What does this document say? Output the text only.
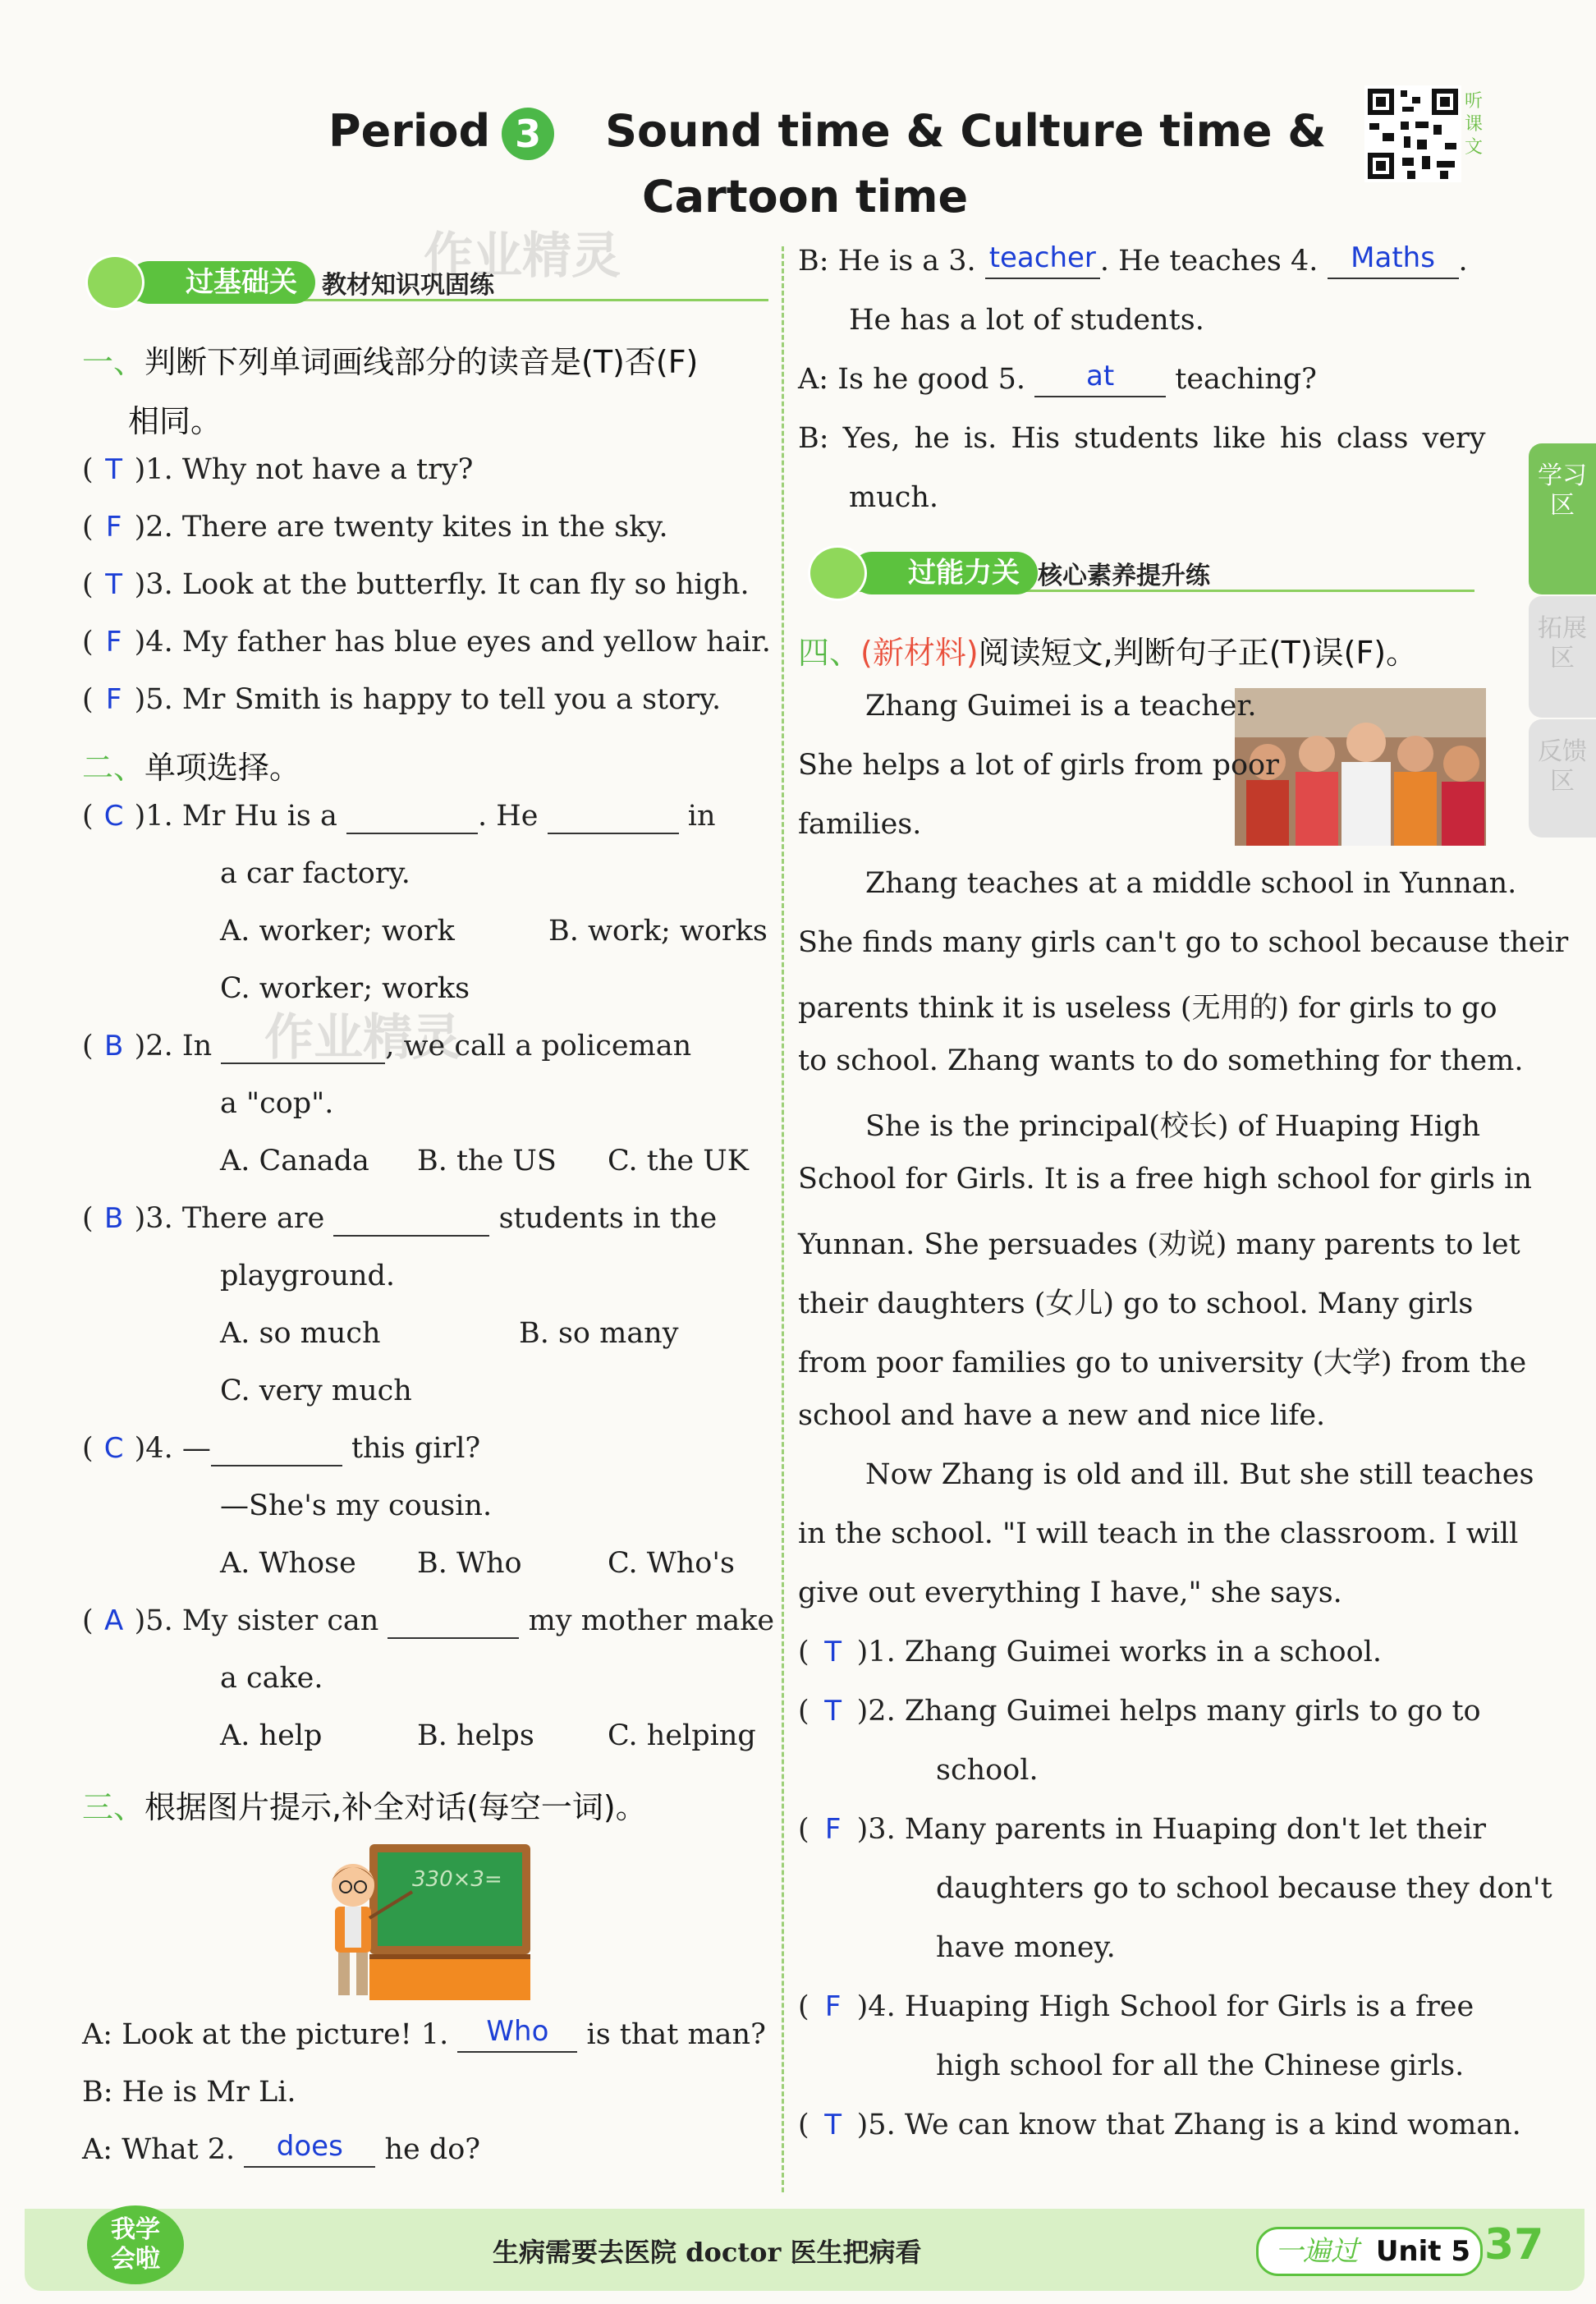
Period 3 Sound time & Culture time &
Cartoon time
听课文
作业精灵
作业精灵
过基础关	教材知识巩固练
一、判断下列单词画线部分的读音是(T)否(F)
相同。
( T )1. Why not have a try?
( F )2. There are twenty kites in the sky.
( T )3. Look at the butterfly. It can fly so high.
( F )4. My father has blue eyes and yellow hair.
( F )5. Mr Smith is happy to tell you a story.
二、单项选择。
( C )1. Mr Hu is a	. He	in
a car factory.
A. worker; work	B. work; works
C. worker; works
( B )2. In	, we call a policeman
a "cop".
A. Canada B. the US C. the UK
( B )3. There are	students in the
playground.
A. so much	B. so many
C. very much
( C )4. —	this girl?
—She's my cousin.
A. Whose B. Who	C. Who's
( A )5. My sister can	my mother make
a cake.
A. help	B. helps	C. helping
三、根据图片提示,补全对话(每空一词)。
330×3=
A: Look at the picture! 1. Who is that man?
B: He is Mr Li.
A: What 2. does he do?
B: He is a 3. teacher . He teaches 4. Maths .
He has a lot of students.
A: Is he good 5. at teaching?
B: Yes, he is. His students like his class very
much.
过能力关 核心素养提升练
四、(新材料)阅读短文,判断句子正(T)误(F)。
Zhang Guimei is a teacher.
She helps a lot of girls from poor
families.
Zhang teaches at a middle school in Yunnan.
She finds many girls can't go to school because their
parents think it is useless (无用的) for girls to go
to school. Zhang wants to do something for them.
She is the principal(校长) of Huaping High
School for Girls. It is a free high school for girls in
Yunnan. She persuades (劝说) many parents to let
their daughters (女儿) go to school. Many girls
from poor families go to university (大学) from the
school and have a new and nice life.
Now Zhang is old and ill. But she still teaches
in the school. "I will teach in the classroom. I will
give out everything I have," she says.
( T )1. Zhang Guimei works in a school.
( T )2. Zhang Guimei helps many girls to go to
school.
( F )3. Many parents in Huaping don't let their
daughters go to school because they don't
have money.
( F )4. Huaping High School for Girls is a free
high school for all the Chinese girls.
( T )5. We can know that Zhang is a kind woman.
学习区
拓展区
反馈区
我学
会啦	生病需要去医院 doctor 医生把病看	一遍过 Unit 5 37
